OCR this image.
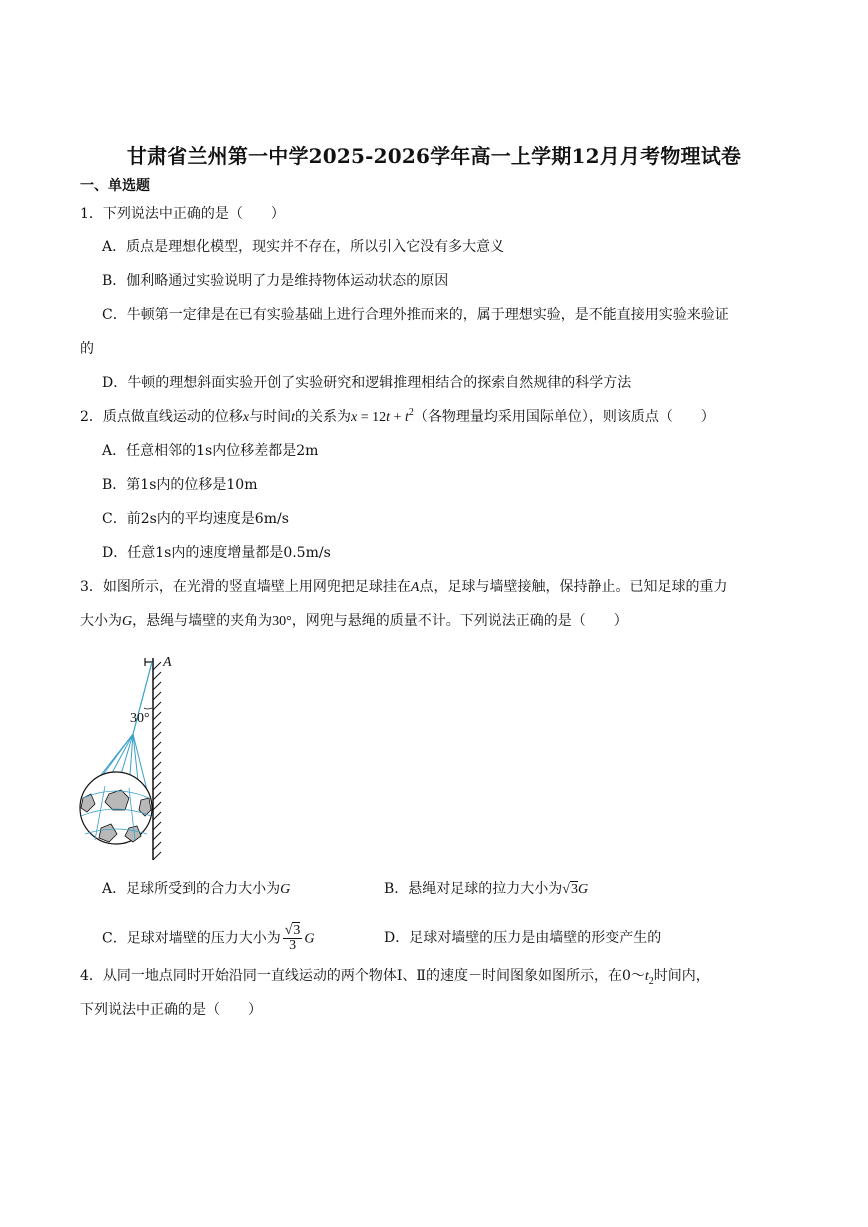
甘肃省兰州第一中学2025-2026学年高一上学期12月月考物理试卷
一、单选题
1．下列说法中正确的是（　　）
A．质点是理想化模型，现实并不存在，所以引入它没有多大意义
B．伽利略通过实验说明了力是维持物体运动状态的原因
C．牛顿第一定律是在已有实验基础上进行合理外推而来的，属于理想实验，是不能直接用实验来验证
的
D．牛顿的理想斜面实验开创了实验研究和逻辑推理相结合的探索自然规律的科学方法
2．质点做直线运动的位移x与时间t的关系为$x = 12t + t^2$（各物理量均采用国际单位），则该质点（　　）
A．任意相邻的1s内位移差都是2m
B．第1s内的位移是10m
C．前2s内的平均速度是6m/s
D．任意1s内的速度增量都是0.5m/s
3．如图所示，在光滑的竖直墙壁上用网兜把足球挂在A点，足球与墙壁接触，保持静止。已知足球的重力
大小为G，悬绳与墙壁的夹角为30°，网兜与悬绳的质量不计。下列说法正确的是（　　）
A
30°
A．足球所受到的合力大小为G	B．悬绳对足球的拉力大小为√3G
C．足球对墙壁的压力大小为 $\frac{√3}{3}$ G	D．足球对墙壁的压力是由墙壁的形变产生的
4．从同一地点同时开始沿同一直线运动的两个物体Ⅰ、Ⅱ的速度－时间图象如图所示，在$0\sim t_2$时间内，
下列说法中正确的是（　　）
